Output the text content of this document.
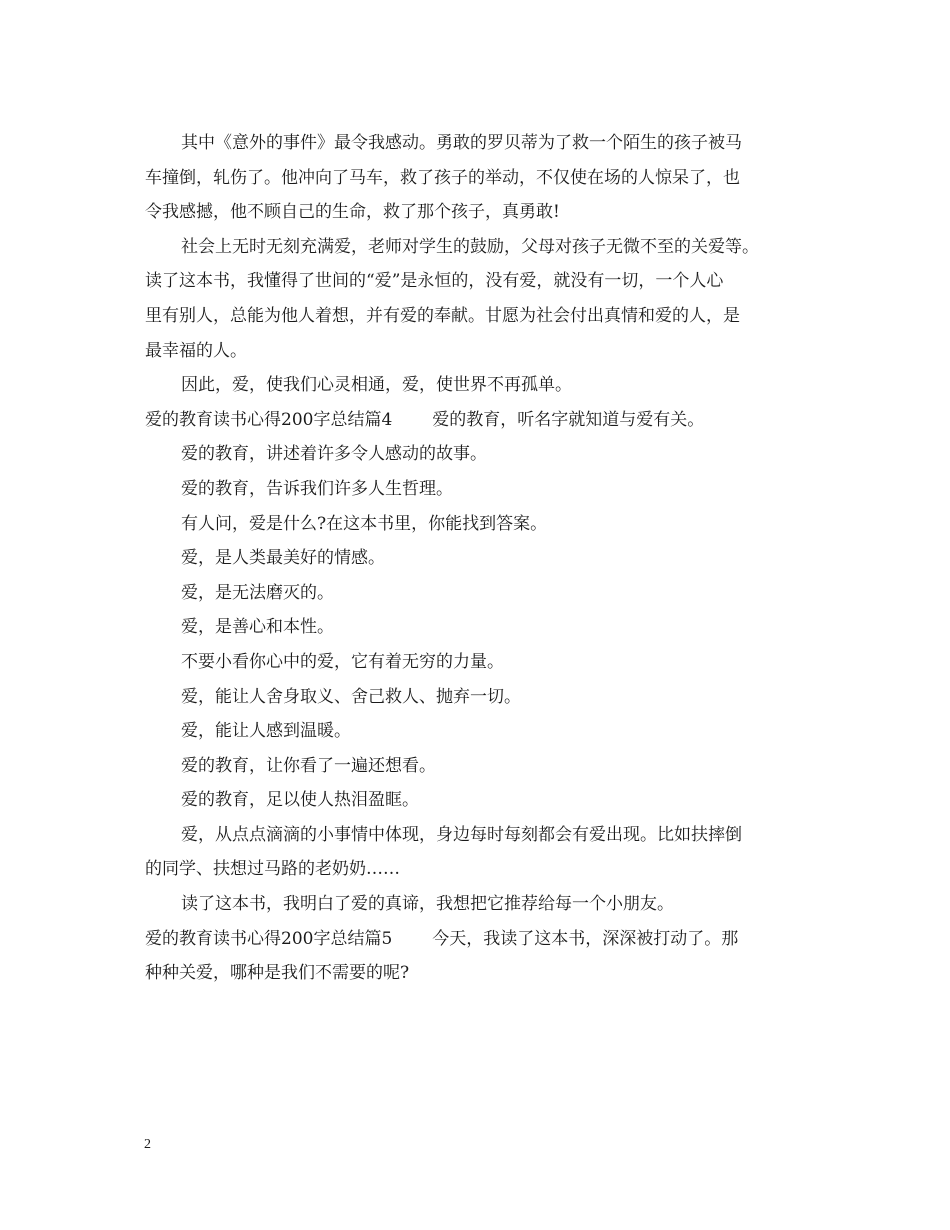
其中《意外的事件》最令我感动。勇敢的罗贝蒂为了救一个陌生的孩子被马
车撞倒，轧伤了。他冲向了马车，救了孩子的举动，不仅使在场的人惊呆了，也
令我感撼，他不顾自己的生命，救了那个孩子，真勇敢!
社会上无时无刻充满爱，老师对学生的鼓励，父母对孩子无微不至的关爱等。
读了这本书，我懂得了世间的“爱”是永恒的，没有爱，就没有一切，一个人心
里有别人，总能为他人着想，并有爱的奉献。甘愿为社会付出真情和爱的人，是
最幸福的人。
因此，爱，使我们心灵相通，爱，使世界不再孤单。
爱的教育读书心得200字总结篇4 爱的教育，听名字就知道与爱有关。
爱的教育，讲述着许多令人感动的故事。
爱的教育，告诉我们许多人生哲理。
有人问，爱是什么?在这本书里，你能找到答案。
爱，是人类最美好的情感。
爱，是无法磨灭的。
爱，是善心和本性。
不要小看你心中的爱，它有着无穷的力量。
爱，能让人舍身取义、舍己救人、抛弃一切。
爱，能让人感到温暖。
爱的教育，让你看了一遍还想看。
爱的教育，足以使人热泪盈眶。
爱，从点点滴滴的小事情中体现，身边每时每刻都会有爱出现。比如扶摔倒
的同学、扶想过马路的老奶奶……
读了这本书，我明白了爱的真谛，我想把它推荐给每一个小朋友。
爱的教育读书心得200字总结篇5 今天，我读了这本书，深深被打动了。那
种种关爱，哪种是我们不需要的呢?
2
